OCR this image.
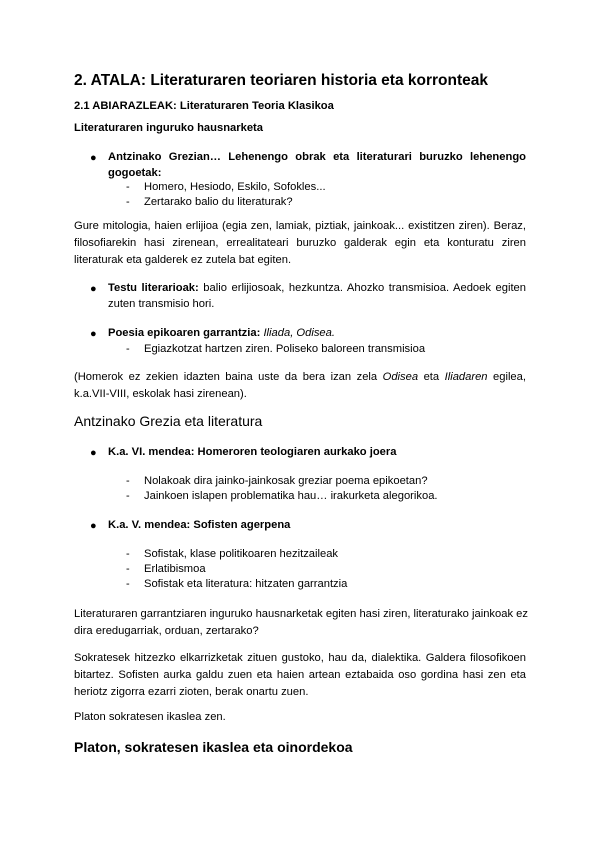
2. ATALA: Literaturaren teoriaren historia eta korronteak
2.1 ABIARAZLEAK: Literaturaren Teoria Klasikoa
Literaturaren inguruko hausnarketa
● Antzinako Grezian… Lehenengo obrak eta literaturari buruzko lehenengo
gogoetak:
- Homero, Hesiodo, Eskilo, Sofokles...
- Zertarako balio du literaturak?
Gure mitologia, haien erlijioa (egia zen, lamiak, piztiak, jainkoak... existitzen ziren). Beraz,
filosofiarekin hasi zirenean, errealitateari buruzko galderak egin eta konturatu ziren
literaturak eta galderek ez zutela bat egiten.
● Testu literarioak: balio erlijiosoak, hezkuntza. Ahozko transmisioa. Aedoek egiten
zuten transmisio hori.
● Poesia epikoaren garrantzia: Iliada, Odisea.
- Egiazkotzat hartzen ziren. Poliseko baloreen transmisioa
(Homerok ez zekien idazten baina uste da bera izan zela Odisea eta Iliadaren egilea,
k.a.VII-VIII, eskolak hasi zirenean).
Antzinako Grezia eta literatura
● K.a. VI. mendea: Homeroren teologiaren aurkako joera
- Nolakoak dira jainko-jainkosak greziar poema epikoetan?
- Jainkoen islapen problematika hau… irakurketa alegorikoa.
● K.a. V. mendea: Sofisten agerpena
- Sofistak, klase politikoaren hezitzaileak
- Erlatibismoa
- Sofistak eta literatura: hitzaten garrantzia
Literaturaren garrantziaren inguruko hausnarketak egiten hasi ziren, literaturako jainkoak ez
dira eredugarriak, orduan, zertarako?
Sokratesek hitzezko elkarrizketak zituen gustoko, hau da, dialektika. Galdera filosofikoen
bitartez. Sofisten aurka galdu zuen eta haien artean eztabaida oso gordina hasi zen eta
heriotz zigorra ezarri zioten, berak onartu zuen.
Platon sokratesen ikaslea zen.
Platon, sokratesen ikaslea eta oinordekoa
